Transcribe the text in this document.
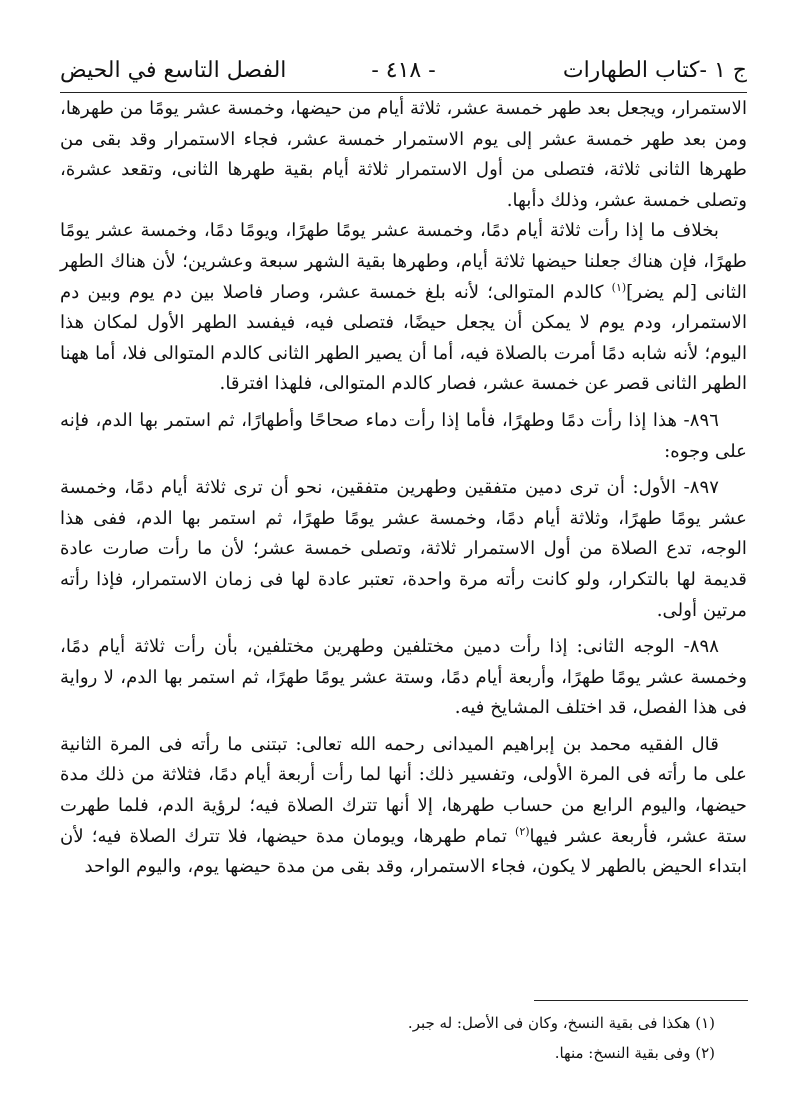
ج ١ -كتاب الطهارات
- ٤١٨ -
الفصل التاسع في الحيض

الاستمرار، ويجعل بعد طهر خمسة عشر، ثلاثة أيام من حيضها، وخمسة عشر يومًا من طهرها، ومن بعد طهر خمسة عشر إلى يوم الاستمرار خمسة عشر، فجاء الاستمرار وقد بقى من طهرها الثانى ثلاثة، فتصلى من أول الاستمرار ثلاثة أيام بقية طهرها الثانى، وتقعد عشرة، وتصلى خمسة عشر، وذلك دأبها.

بخلاف ما إذا رأت ثلاثة أيام دمًا، وخمسة عشر يومًا طهرًا، ويومًا دمًا، وخمسة عشر يومًا طهرًا، فإن هناك جعلنا حيضها ثلاثة أيام، وطهرها بقية الشهر سبعة وعشرين؛ لأن هناك الطهر الثانى [لم يضر]$^{(١)}$ كالدم المتوالى؛ لأنه بلغ خمسة عشر، وصار فاصلا بين دم يوم وبين دم الاستمرار، ودم يوم لا يمكن أن يجعل حيضًا، فتصلى فيه، فيفسد الطهر الأول لمكان هذا اليوم؛ لأنه شابه دمًا أمرت بالصلاة فيه، أما أن يصير الطهر الثانى كالدم المتوالى فلا، أما ههنا الطهر الثانى قصر عن خمسة عشر، فصار كالدم المتوالى، فلهذا افترقا.

٨٩٦- هذا إذا رأت دمًا وطهرًا، فأما إذا رأت دماء صحاحًا وأطهارًا، ثم استمر بها الدم، فإنه على وجوه:

٨٩٧- الأول: أن ترى دمين متفقين وطهرين متفقين، نحو أن ترى ثلاثة أيام دمًا، وخمسة عشر يومًا طهرًا، وثلاثة أيام دمًا، وخمسة عشر يومًا طهرًا، ثم استمر بها الدم، ففى هذا الوجه، تدع الصلاة من أول الاستمرار ثلاثة، وتصلى خمسة عشر؛ لأن ما رأت صارت عادة قديمة لها بالتكرار، ولو كانت رأته مرة واحدة، تعتبر عادة لها فى زمان الاستمرار، فإذا رأته مرتين أولى.

٨٩٨- الوجه الثانى: إذا رأت دمين مختلفين وطهرين مختلفين، بأن رأت ثلاثة أيام دمًا، وخمسة عشر يومًا طهرًا، وأربعة أيام دمًا، وستة عشر يومًا طهرًا، ثم استمر بها الدم، لا رواية فى هذا الفصل، قد اختلف المشايخ فيه.

قال الفقيه محمد بن إبراهيم الميدانى رحمه الله تعالى: تبتنى ما رأته فى المرة الثانية على ما رأته فى المرة الأولى، وتفسير ذلك: أنها لما رأت أربعة أيام دمًا، فثلاثة من ذلك مدة حيضها، واليوم الرابع من حساب طهرها، إلا أنها تترك الصلاة فيه؛ لرؤية الدم، فلما طهرت ستة عشر، فأربعة عشر فيها$^{(٢)}$ تمام طهرها، ويومان مدة حيضها، فلا تترك الصلاة فيه؛ لأن ابتداء الحيض بالطهر لا يكون، فجاء الاستمرار، وقد بقى من مدة حيضها يوم، واليوم الواحد

(١) هكذا فى بقية النسخ، وكان فى الأصل: له جبر.

(٢) وفى بقية النسخ: منها.
